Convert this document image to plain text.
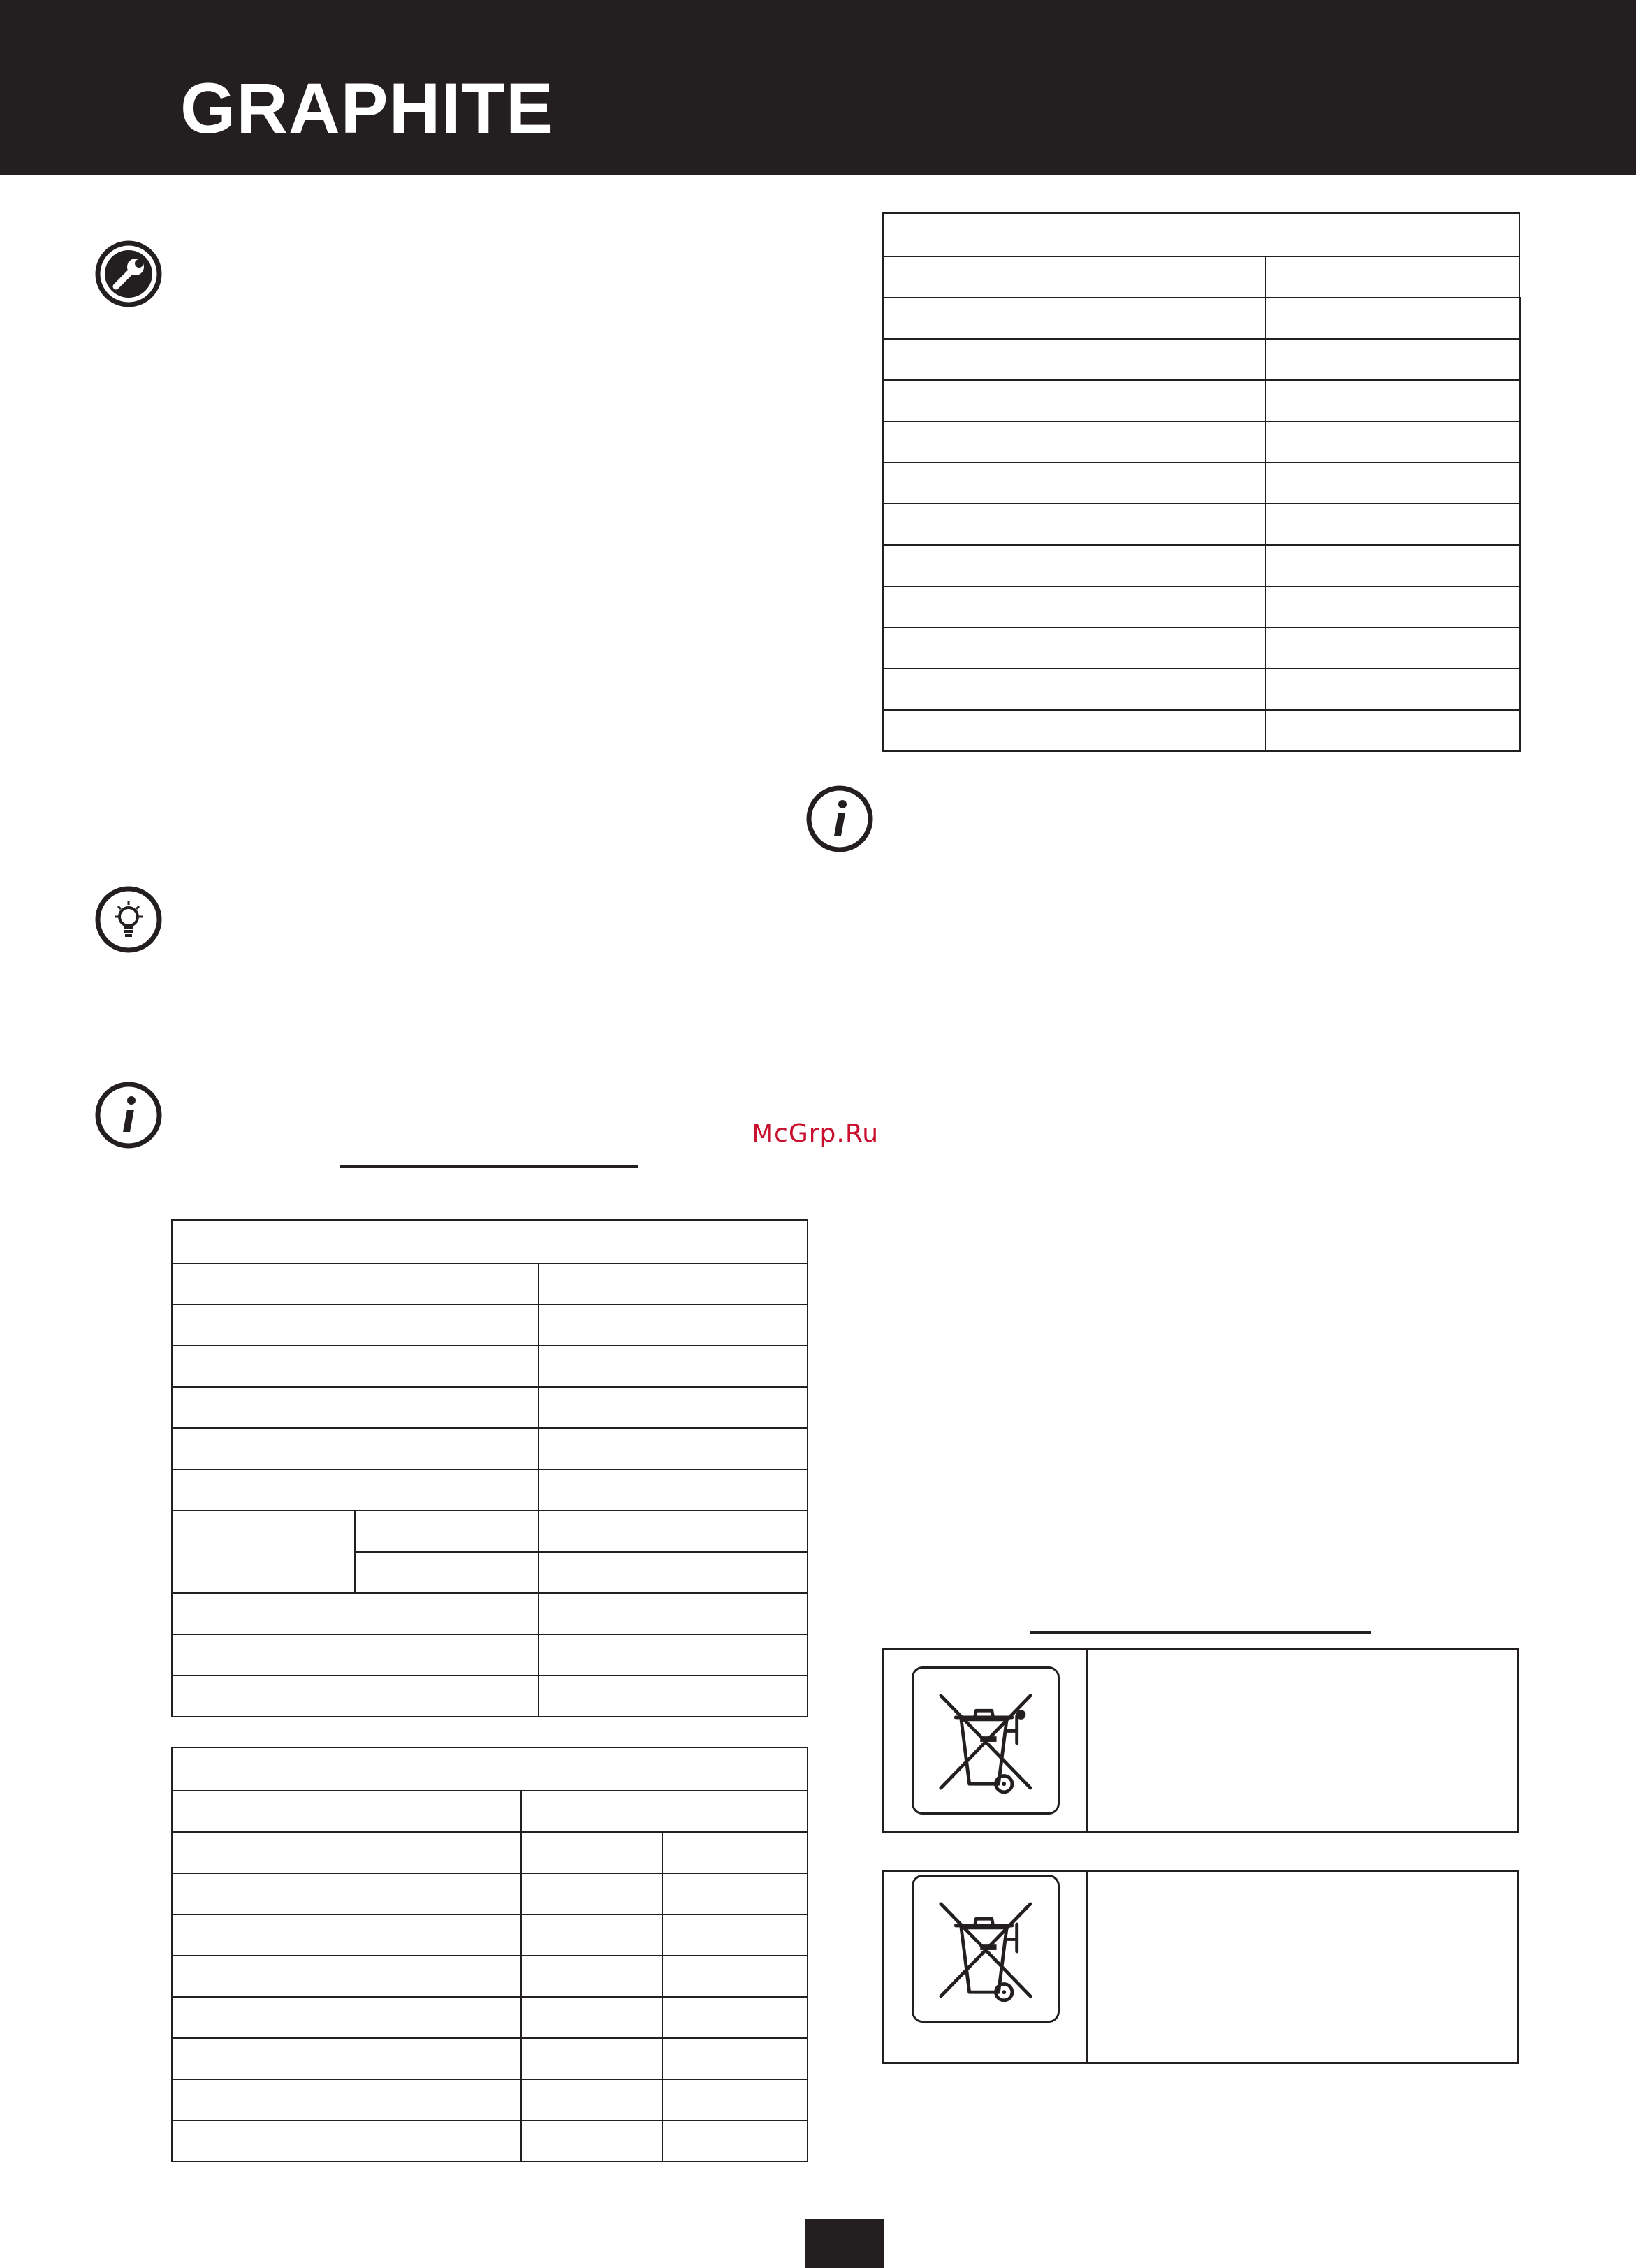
GRAPHITE
McGrp.Ru
